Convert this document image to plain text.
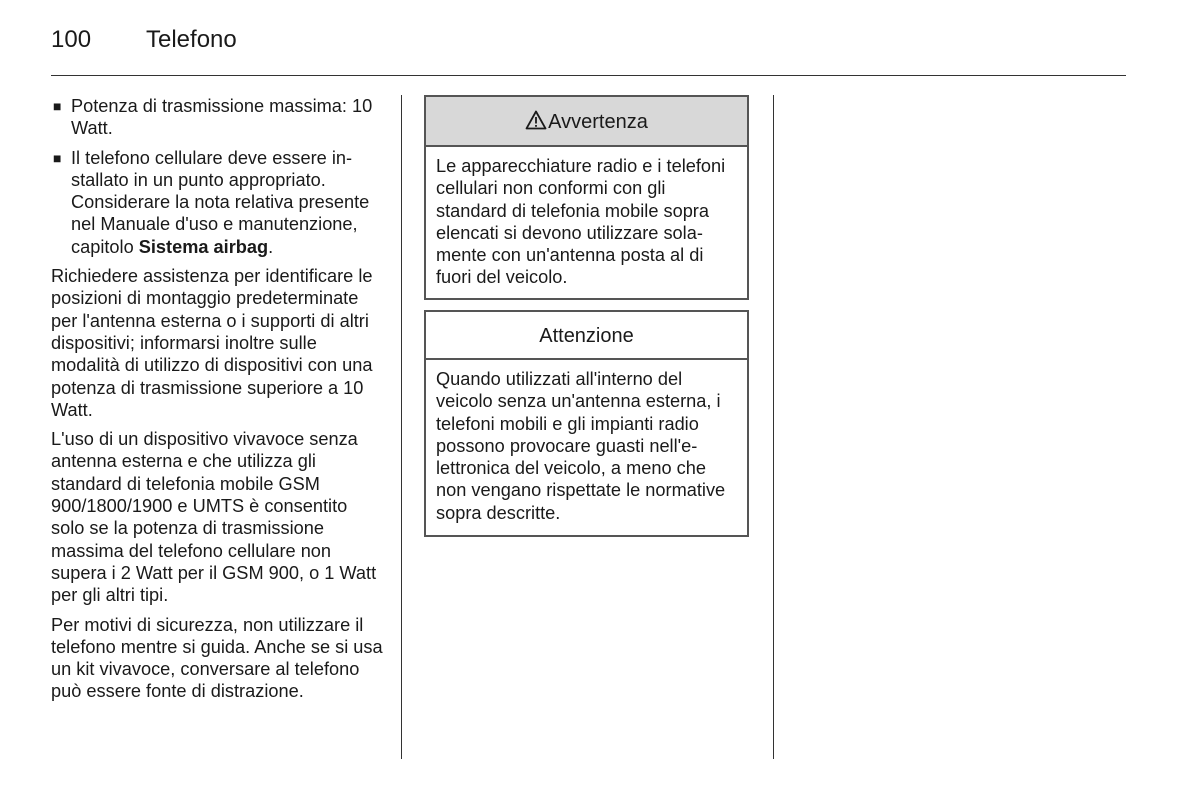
100 Telefono
■ Potenza di trasmissione massima: 10 Watt.
■ Il telefono cellulare deve essere installato in un punto appropriato. Considerare la nota relativa presente nel Manuale d'uso e manutenzione, capitolo Sistema airbag.

Richiedere assistenza per identificare le posizioni di montaggio predeterminate per l'antenna esterna o i supporti di altri dispositivi; informarsi inoltre sulle modalità di utilizzo di dispositivi con una potenza di trasmissione superiore a 10 Watt.

L'uso di un dispositivo vivavoce senza antenna esterna e che utilizza gli standard di telefonia mobile GSM 900/1800/1900 e UMTS è consentito solo se la potenza di trasmissione massima del telefono cellulare non supera i 2 Watt per il GSM 900, o 1 Watt per gli altri tipi.

Per motivi di sicurezza, non utilizzare il telefono mentre si guida. Anche se si usa un kit vivavoce, conversare al telefono può essere fonte di distrazione.

Avvertenza
Le apparecchiature radio e i telefoni cellulari non conformi con gli standard di telefonia mobile sopra elencati si devono utilizzare solamente con un'antenna posta al di fuori del veicolo.
Attenzione
Quando utilizzati all'interno del veicolo senza un'antenna esterna, i telefoni mobili e gli impianti radio possono provocare guasti nell'elettronica del veicolo, a meno che non vengano rispettate le normative sopra descritte.
